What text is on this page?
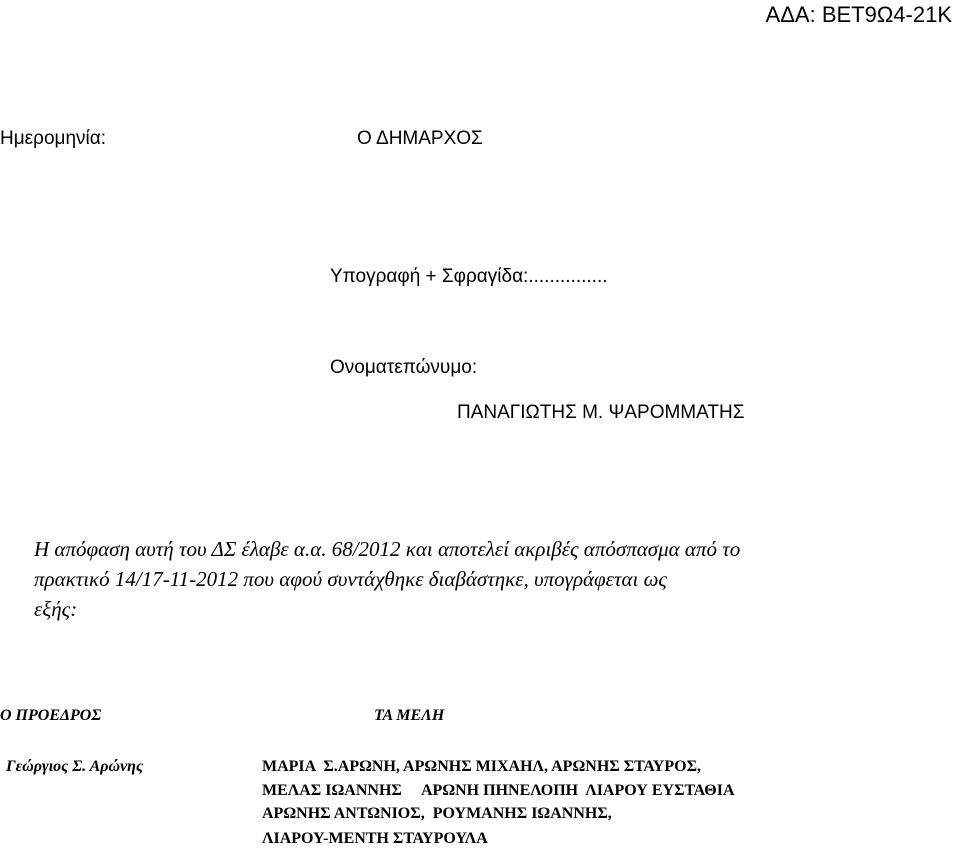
ΑΔΑ: ΒΕΤ9Ω4-21Κ
Ημερομηνία:	Ο ΔΗΜΑΡΧΟΣ
Υπογραφή + Σφραγίδα:...............
Ονοματεπώνυμο:
ΠΑΝΑΓΙΩΤΗΣ Μ. ΨΑΡΟΜΜΑΤΗΣ
Η απόφαση αυτή του ΔΣ έλαβε α.α. 68/2012 και αποτελεί ακριβές απόσπασμα από το
πρακτικό 14/17-11-2012 που αφού συντάχθηκε διαβάστηκε, υπογράφεται ως
εξής:
Ο ΠΡΟΕΔΡΟΣ	ΤΑ ΜΕΛΗ
Γεώργιος Σ. Αρώνης	ΜΑΡΙΑ  Σ.ΑΡΩΝΗ, ΑΡΩΝΗΣ ΜΙΧΑΗΛ, ΑΡΩΝΗΣ ΣΤΑΥΡΟΣ,
ΜΕΛΑΣ ΙΩΑΝΝΗΣ     ΑΡΩΝΗ ΠΗΝΕΛΟΠΗ  ΛΙΑΡΟΥ ΕΥΣΤΑΘΙΑ
ΑΡΩΝΗΣ ΑΝΤΩΝΙΟΣ,  ΡΟΥΜΑΝΗΣ ΙΩΑΝΝΗΣ,
ΛΙΑΡΟΥ-ΜΕΝΤΗ ΣΤΑΥΡΟΥΛΑ
